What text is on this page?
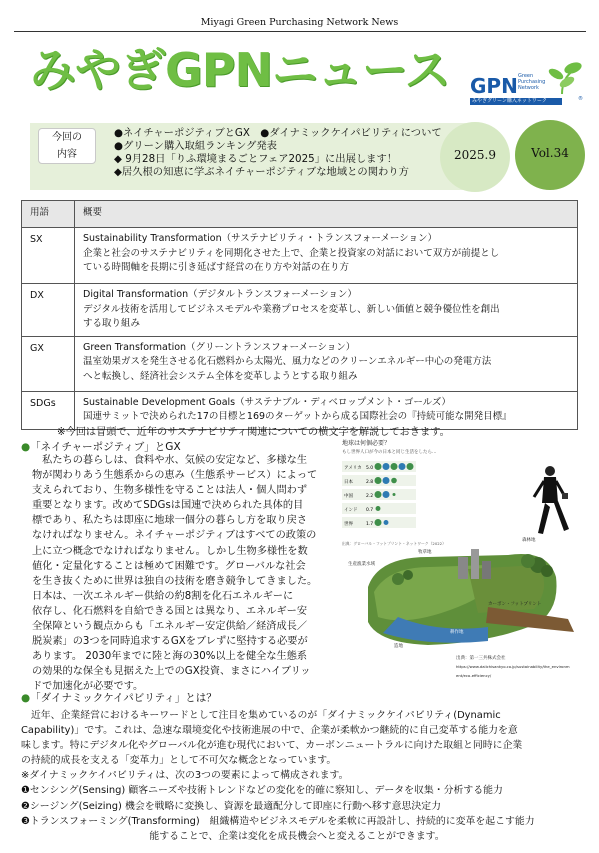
Miyagi Green Purchasing Network News
みやぎGPNニュース
®
GPN Green Purchasing Network
みやぎグリーン購入ネットワーク
今回の
内容
●ネイチャーポジティブとGX　●ダイナミックケイパビリティについて
●グリーン購入取組ランキング発表
◆ 9月28日「りふ環境まるごとフェア2025」に出展します！
◆居久根の知恵に学ぶネイチャーポジティブな地域との関わり方
2025.9	Vol.34
用語	概要
SX	Sustainability Transformation（サステナビリティ・トランスフォーメーション）
企業と社会のサステナビリティを同期化させた上で、企業と投資家の対話において双方が前提とし
ている時間軸を長期に引き延ばす経営の在り方や対話の在り方

DX	Digital Transformation（デジタルトランスフォーメーション）
デジタル技術を活用してビジネスモデルや業務プロセスを変革し、新しい価値と競争優位性を創出
する取り組み

GX	Green Transformation（グリーントランスフォーメーション）
温室効果ガスを発生させる化石燃料から太陽光、風力などのクリーンエネルギー中心の発電方法
へと転換し、経済社会システム全体を変革しようとする取り組み

SDGs	Sustainable Development Goals（サステナブル・ディベロップメント・ゴールズ）
国連サミットで決められた17の目標と169のターゲットから成る国際社会の『持続可能な開発目標』
※今回は冒頭で、近年のサステナビリティ関連についての横文字を解説しておきます。
●「ネイチャーポジティブ」とGX
　私たちの暮らしは、食料や水、気候の安定など、多様な生
物が関わりあう生態系からの恵み（生態系サービス）によって
支えられており、生物多様性を守ることは法人・個人問わず
重要となります。改めてSDGsは国連で決められた具体的目
標であり、私たちは即座に地球一個分の暮らし方を取り戻さ
なければなりません。ネイチャーポジティブはすべての政策の
上に立つ概念でなければなりません。しかし生物多様性を数
値化・定量化することは極めて困難です。グローバルな社会
を生き抜くために世界は独自の技術を磨き競争してきました。
日本は、一次エネルギー供給の約8割を化石エネルギーに
依存し、化石燃料を自給できる国とは異なり、エネルギー安
全保障という観点からも「エネルギー安定供給／経済成長／
脱炭素」の3つを同時追求するGXをブレずに堅持する必要が
あります。 2030年までに陸と海の30%以上を健全な生態系
の効果的な保全も見据えた上でのGX投資、まさにハイブリッ
ドで加速化が必要です。
地球は何個必要？
もし世界人口が今の日本と同じ生活をしたら…
アメリカ 5.0
日本	2.8
中国	2.2
インド 0.7
世界	1.7
出典：グローバル・フットプリント・ネットワーク（2022）
森林地
牧草地
生産漁業水域
カーボン・フットプリント
耕作地
造地
出典：第一三共株式会社
https://www.daiichisankyo.co.jp/sustainability/the_environm
ent/eco-efficiency/
●「ダイナミックケイパビリティ」とは？
　近年、企業経営におけるキーワードとして注目を集めているのが「ダイナミックケイパビリティ(Dynamic
Capability)」です。これは、急速な環境変化や技術進展の中で、企業が柔軟かつ継続的に自己変革する能力を意
味します。特にデジタル化やグローバル化が進む現代において、カーボンニュートラルに向けた取組と同時に企業
の持続的成長を支える「変革力」として不可欠な概念となっています。
※ダイナミックケイパビリティは、次の3つの要素によって構成されます。
❶センシング(Sensing) 顧客ニーズや技術トレンドなどの変化を的確に察知し、データを収集・分析する能力
❷シージング(Seizing) 機会を戦略に変換し、資源を最適配分して即座に行動へ移す意思決定力
❸トランスフォーミング(Transforming)　組織構造やビジネスモデルを柔軟に再設計し、持続的に変革を起こす能力
　　　　　　　　　　　　　能することで、企業は変化を成長機会へと変えることができます。
